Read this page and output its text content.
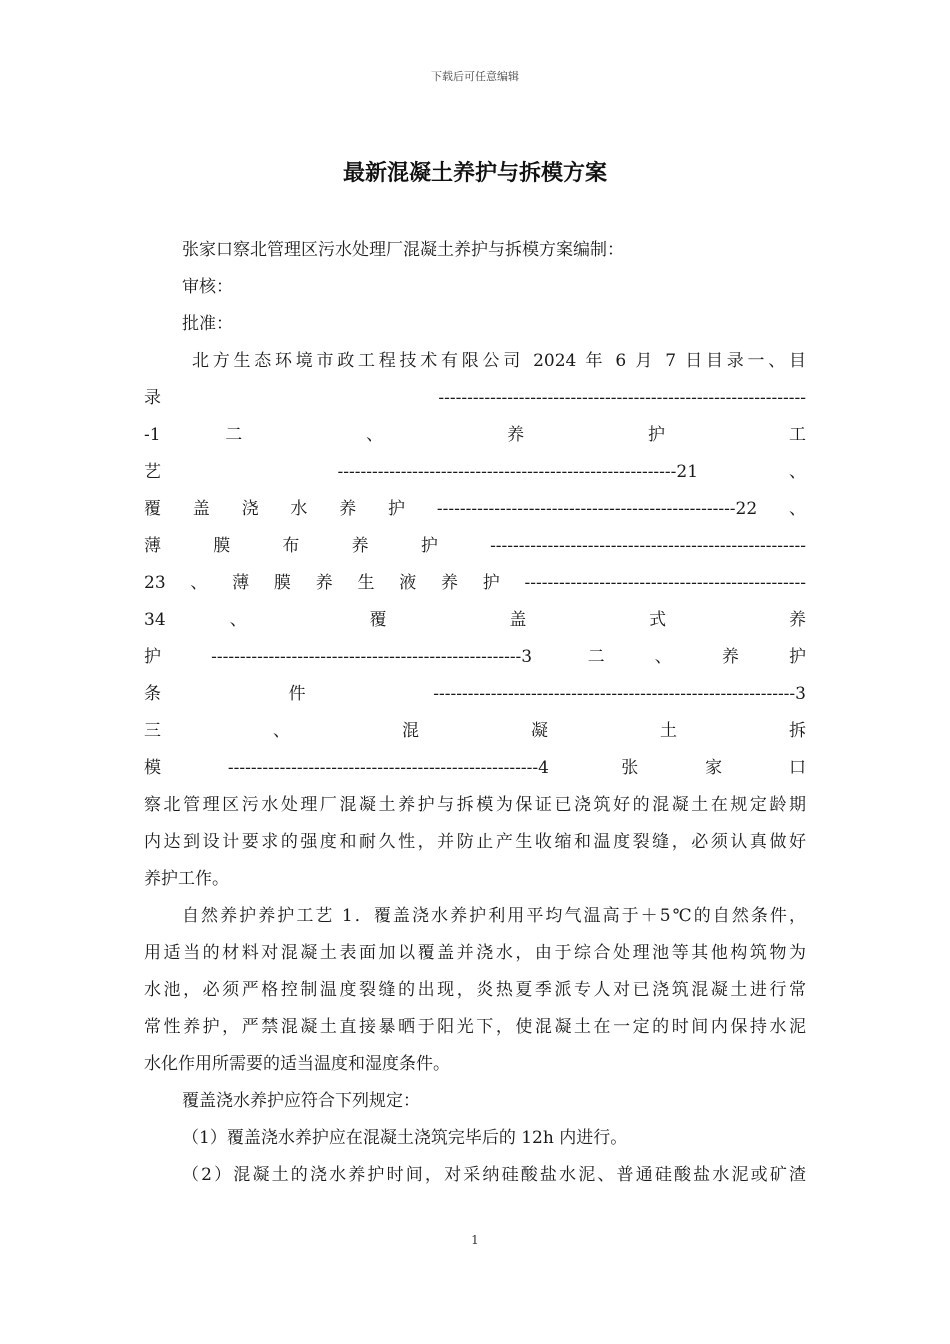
下载后可任意编辑
最新混凝土养护与拆模方案
张家口察北管理区污水处理厂混凝土养护与拆模方案编制：
审核：
批准：
北方生态环境市政工程技术有限公司 2024 年 6 月 7 日目录一、目
录----------------------------------------------------------------
-1 二 、 养 护 工
艺 -----------------------------------------------------------21 、
覆盖浇水养护----------------------------------------------------22、
薄 膜 布 养 护 -------------------------------------------------------
23、薄膜养生液养护-------------------------------------------------
34 、 覆 盖 式 养
护------------------------------------------------------3 二、养护
条 件 ---------------------------------------------------------------3
三 、 混 凝 土 拆
模------------------------------------------------------4 张家口
察北管理区污水处理厂混凝土养护与拆模为保证已浇筑好的混凝土在规定龄期
内达到设计要求的强度和耐久性，并防止产生收缩和温度裂缝，必须认真做好
养护工作。
自然养护养护工艺 1．覆盖浇水养护利用平均气温高于＋5℃的自然条件，
用适当的材料对混凝土表面加以覆盖并浇水，由于综合处理池等其他构筑物为
水池，必须严格控制温度裂缝的出现，炎热夏季派专人对已浇筑混凝土进行常
常性养护，严禁混凝土直接暴晒于阳光下，使混凝土在一定的时间内保持水泥
水化作用所需要的适当温度和湿度条件。
覆盖浇水养护应符合下列规定：
（1）覆盖浇水养护应在混凝土浇筑完毕后的 12h 内进行。
（2）混凝土的浇水养护时间，对采纳硅酸盐水泥、普通硅酸盐水泥或矿渣
1
